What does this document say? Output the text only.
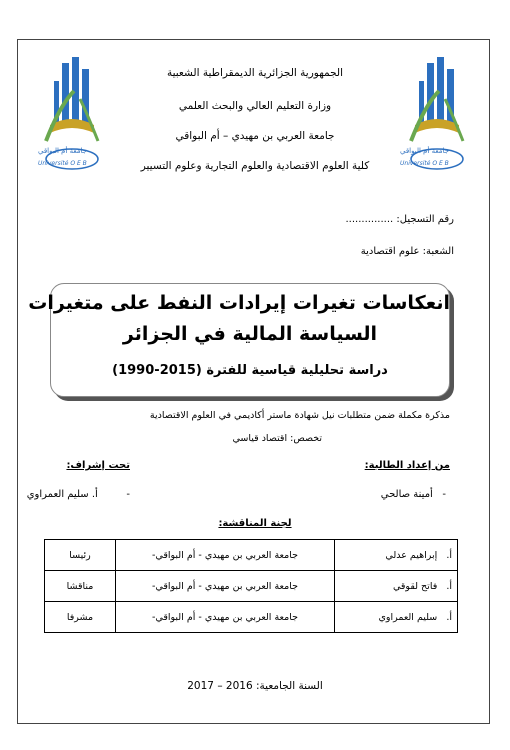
جامعة أم البواقي
Université O E B
جامعة أم البواقي
Université O E B
الجمهورية الجزائرية الديمقراطية الشعبية
وزارة التعليم العالي والبحث العلمي
جامعة العربي بن مهيدي – أم البواقي
كلية العلوم الاقتصادية والعلوم التجارية وعلوم التسيير
رقم التسجيل: ...............
الشعبة: علوم اقتصادية
انعكاسات تغيرات إيرادات النفط على متغيرات
السياسة المالية في الجزائر
دراسة تحليلية قياسية للفترة (2015-1990)
مذكرة مكملة ضمن متطلبات نيل شهادة ماستر أكاديمي في العلوم الاقتصادية
تخصص: اقتصاد قياسي
من إعداد الطالبة:
-   أمينة صالحي
تحت إشراف:
-         أ. سليم العمراوي
لجنة المناقشة:
أ.   إبراهيم عدلي	جامعة العربي بن مهيدي - أم البواقي-	رئيسا
أ.   فاتح لقوقي	جامعة العربي بن مهيدي - أم البواقي-	مناقشا
أ.   سليم العمراوي	جامعة العربي بن مهيدي - أم البواقي-	مشرفا
السنة الجامعية: 2016 – 2017
